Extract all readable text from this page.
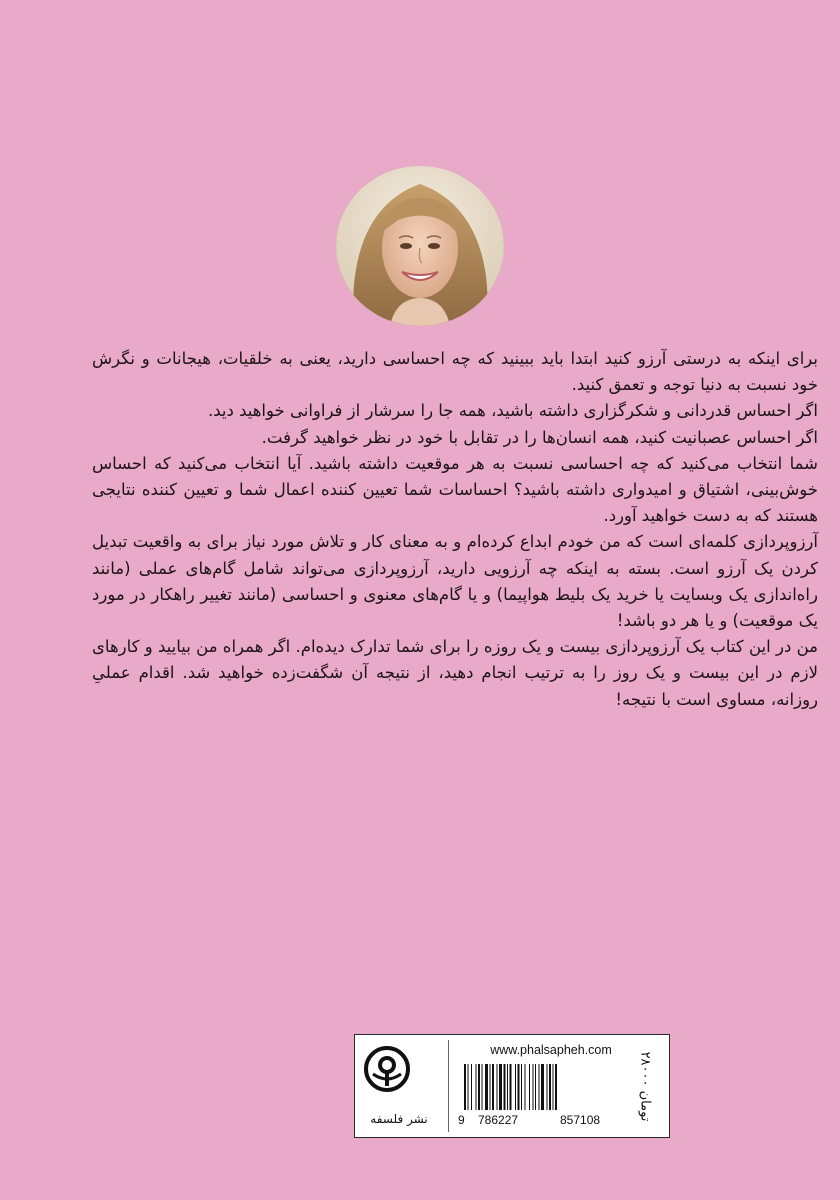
برای اینکه به درستی آرزو کنید ابتدا باید ببینید که چه احساسی دارید، یعنی به خلقیات، هیجانات و نگرش خود نسبت به دنیا توجه و تعمق کنید.

اگر احساس قدردانی و شکرگزاری داشته باشید، همه جا را سرشار از فراوانی خواهید دید.

اگر احساس عصبانیت کنید، همه انسان‌ها را در تقابل با خود در نظر خواهید گرفت.

شما انتخاب می‌کنید که چه احساسی نسبت به هر موقعیت داشته باشید. آیا انتخاب می‌کنید که احساس خوش‌بینی، اشتیاق و امیدواری داشته باشید؟ احساسات شما تعیین کننده اعمال شما و تعیین کننده نتایجی هستند که به دست خواهید آورد.

آرزوپردازی کلمه‌ای است که من خودم ابداع کرده‌ام و به معنای کار و تلاش مورد نیاز برای به واقعیت تبدیل کردن یک آرزو است. بسته به اینکه چه آرزویی دارید، آرزوپردازی می‌تواند شامل گام‌های عملی (مانند راه‌اندازی یک وبسایت یا خرید یک بلیط هواپیما) و یا گام‌های معنوی و احساسی (مانند تغییر راهکار در مورد یک موقعیت) و یا هر دو باشد!

من در این کتاب یک آرزوپردازی بیست و یک روزه را برای شما تدارک دیده‌ام. اگر همراه من بیایید و کارهای لازم در این بیست و یک روز را به ترتیب انجام دهید، از نتیجه آن شگفت‌زده خواهید شد. اقدام عملیِ روزانه، مساوی است با نتیجه!

۲۸۰۰۰ تومان
www.phalsapheh.com
9 786227	857108
نشر فلسفه
